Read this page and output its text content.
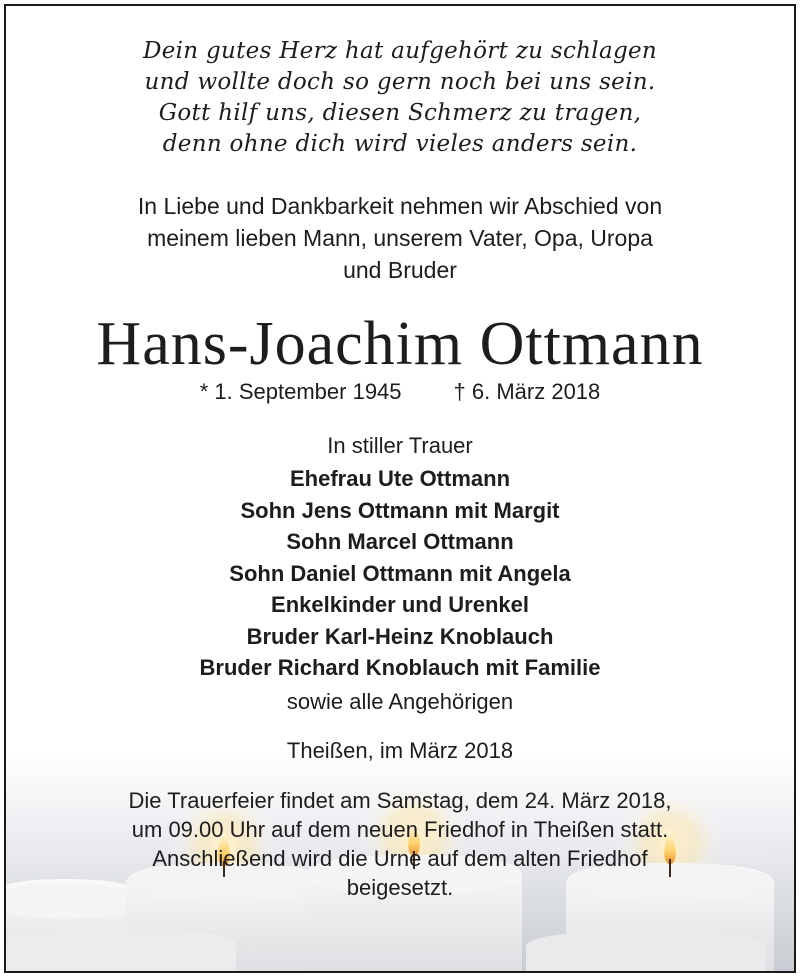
Dein gutes Herz hat aufgehört zu schlagen
und wollte doch so gern noch bei uns sein.
Gott hilf uns, diesen Schmerz zu tragen,
denn ohne dich wird vieles anders sein.
In Liebe und Dankbarkeit nehmen wir Abschied von
meinem lieben Mann, unserem Vater, Opa, Uropa
und Bruder
Hans-Joachim Ottmann
* 1. September 1945 † 6. März 2018
In stiller Trauer
Ehefrau Ute Ottmann
Sohn Jens Ottmann mit Margit
Sohn Marcel Ottmann
Sohn Daniel Ottmann mit Angela
Enkelkinder und Urenkel
Bruder Karl-Heinz Knoblauch
Bruder Richard Knoblauch mit Familie
sowie alle Angehörigen
Theißen, im März 2018
Die Trauerfeier findet am Samstag, dem 24. März 2018,
um 09.00 Uhr auf dem neuen Friedhof in Theißen statt.
Anschließend wird die Urne auf dem alten Friedhof
beigesetzt.
